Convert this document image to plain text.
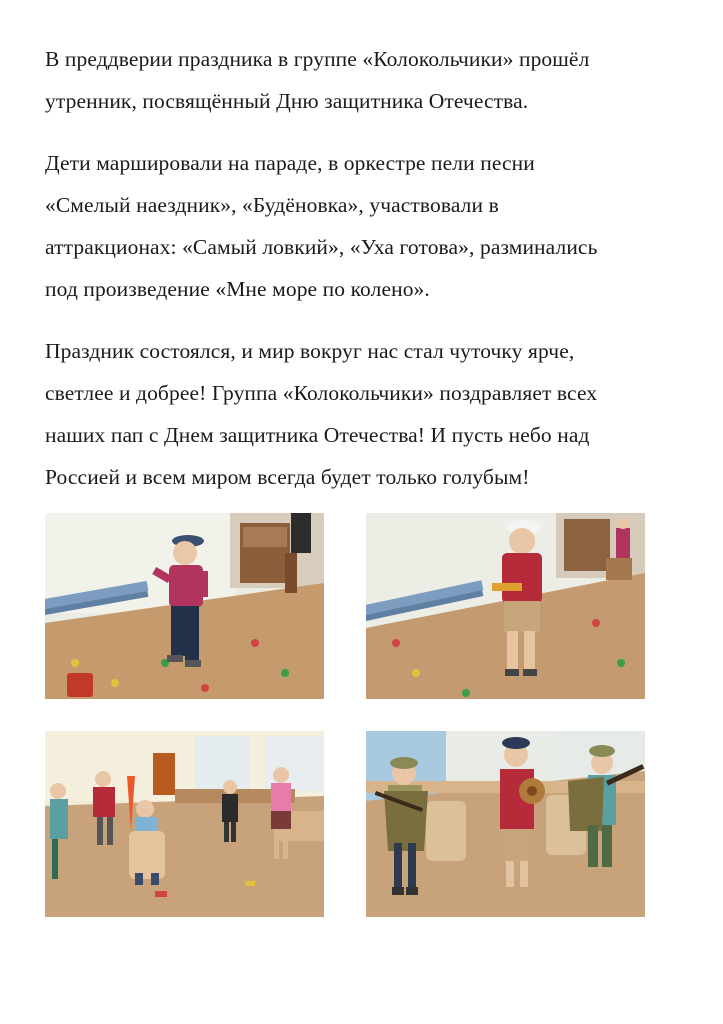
В преддверии праздника в группе «Колокольчики» прошёл
утренник, посвящённый Дню защитника Отечества.

Дети маршировали на параде, в оркестре пели песни
«Смелый наездник», «Будёновка», участвовали в
аттракционах: «Самый ловкий», «Уха готова», разминались
под произведение «Мне море по колено».

Праздник состоялся, и мир вокруг нас стал чуточку ярче,
светлее и добрее! Группа «Колокольчики» поздравляет всех
наших пап с Днем защитника Отечества! И пусть небо над
Россией и всем миром всегда будет только голубым!
